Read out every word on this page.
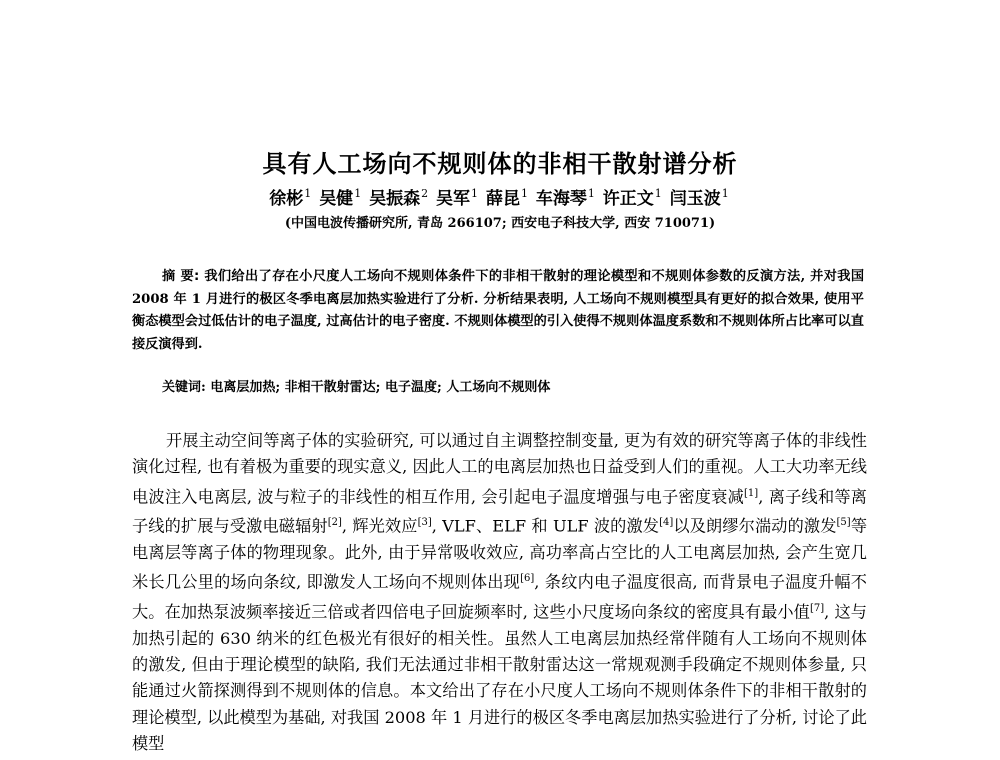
具有人工场向不规则体的非相干散射谱分析
徐彬$^1$ 吴健$^1$ 吴振森$^2$ 吴军$^1$ 薛昆$^1$ 车海琴$^1$ 许正文$^1$ 闫玉波$^1$
(中国电波传播研究所, 青岛 266107; 西安电子科技大学, 西安 710071)
摘 要: 我们给出了存在小尺度人工场向不规则体条件下的非相干散射的理论模型和不规则体参数的反演方法, 并对我国 2008 年 1 月进行的极区冬季电离层加热实验进行了分析. 分析结果表明, 人工场向不规则模型具有更好的拟合效果, 使用平衡态模型会过低估计的电子温度, 过高估计的电子密度. 不规则体模型的引入使得不规则体温度系数和不规则体所占比率可以直接反演得到.
关键词: 电离层加热; 非相干散射雷达; 电子温度; 人工场向不规则体

开展主动空间等离子体的实验研究, 可以通过自主调整控制变量, 更为有效的研究等离子体的非线性演化过程, 也有着极为重要的现实意义, 因此人工的电离层加热也日益受到人们的重视。人工大功率无线电波注入电离层, 波与粒子的非线性的相互作用, 会引起电子温度增强与电子密度衰减[1], 离子线和等离子线的扩展与受激电磁辐射[2], 辉光效应[3], VLF、ELF 和 ULF 波的激发[4]以及朗缪尔湍动的激发[5]等电离层等离子体的物理现象。此外, 由于异常吸收效应, 高功率高占空比的人工电离层加热, 会产生宽几米长几公里的场向条纹, 即激发人工场向不规则体出现[6], 条纹内电子温度很高, 而背景电子温度升幅不大。在加热泵波频率接近三倍或者四倍电子回旋频率时, 这些小尺度场向条纹的密度具有最小值[7], 这与加热引起的 630 纳米的红色极光有很好的相关性。虽然人工电离层加热经常伴随有人工场向不规则体的激发, 但由于理论模型的缺陷, 我们无法通过非相干散射雷达这一常规观测手段确定不规则体参量, 只能通过火箭探测得到不规则体的信息。本文给出了存在小尺度人工场向不规则体条件下的非相干散射的理论模型, 以此模型为基础, 对我国 2008 年 1 月进行的极区冬季电离层加热实验进行了分析, 讨论了此模型
